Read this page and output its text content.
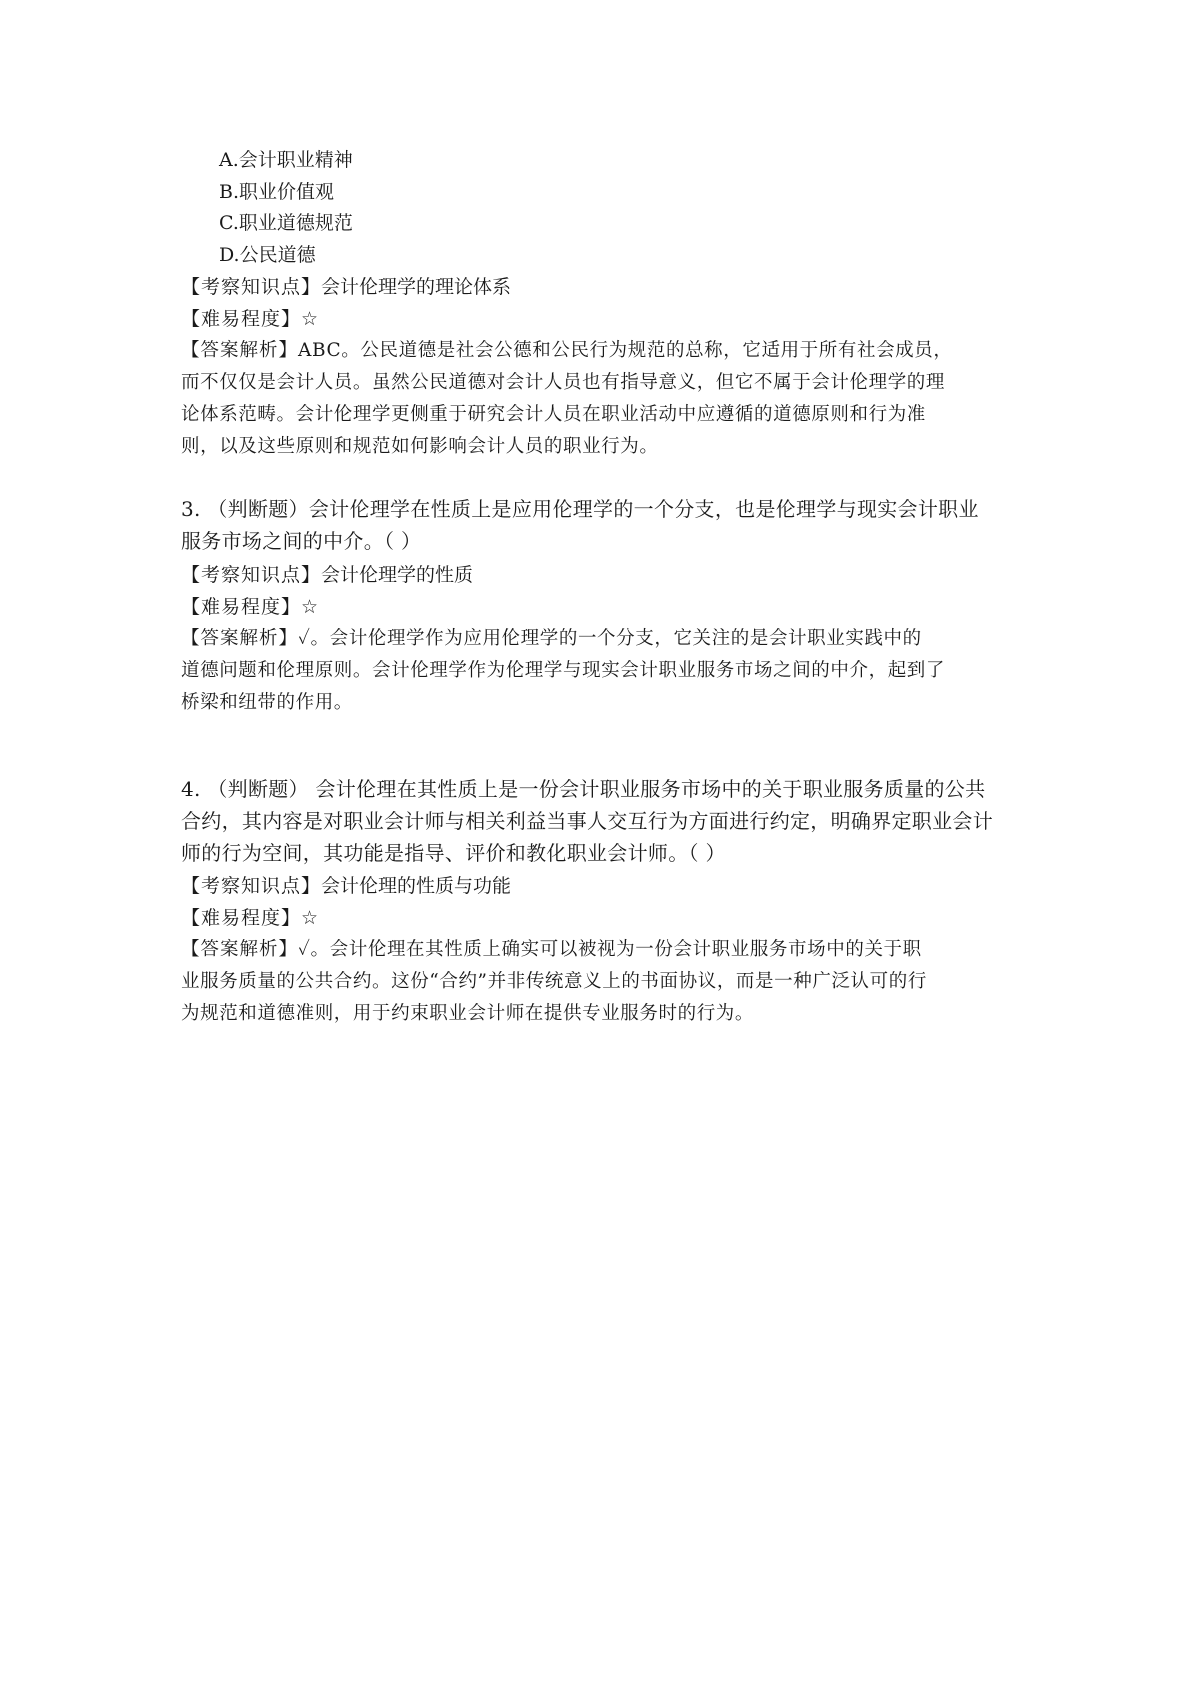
A.会计职业精神
B.职业价值观
C.职业道德规范
D.公民道德
【考察知识点】会计伦理学的理论体系
【难易程度】☆
【答案解析】ABC。公民道德是社会公德和公民行为规范的总称，它适用于所有社会成员，
而不仅仅是会计人员。虽然公民道德对会计人员也有指导意义，但它不属于会计伦理学的理
论体系范畴。会计伦理学更侧重于研究会计人员在职业活动中应遵循的道德原则和行为准
则，以及这些原则和规范如何影响会计人员的职业行为。
3. （判断题）会计伦理学在性质上是应用伦理学的一个分支，也是伦理学与现实会计职业
服务市场之间的中介。（ ）
【考察知识点】会计伦理学的性质
【难易程度】☆
【答案解析】✓。会计伦理学作为应用伦理学的一个分支，它关注的是会计职业实践中的
道德问题和伦理原则。会计伦理学作为伦理学与现实会计职业服务市场之间的中介，起到了
桥梁和纽带的作用。
4. （判断题） 会计伦理在其性质上是一份会计职业服务市场中的关于职业服务质量的公共
合约，其内容是对职业会计师与相关利益当事人交互行为方面进行约定，明确界定职业会计
师的行为空间，其功能是指导、评价和教化职业会计师。（ ）
【考察知识点】会计伦理的性质与功能
【难易程度】☆
【答案解析】✓。会计伦理在其性质上确实可以被视为一份会计职业服务市场中的关于职
业服务质量的公共合约。这份“合约”并非传统意义上的书面协议，而是一种广泛认可的行
为规范和道德准则，用于约束职业会计师在提供专业服务时的行为。
